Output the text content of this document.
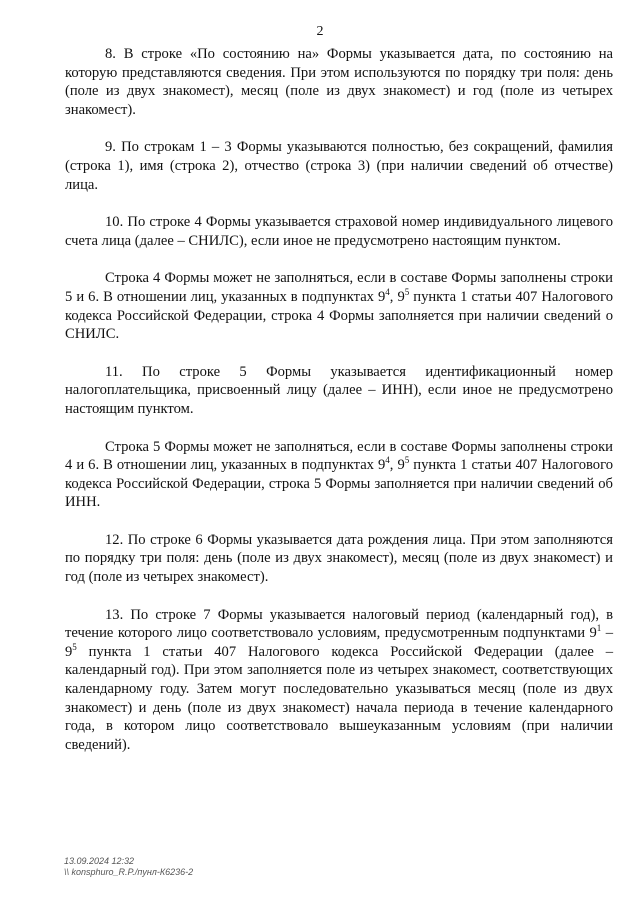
2

8. В строке «По состоянию на» Формы указывается дата, по состоянию на которую представляются сведения. При этом используются по порядку три поля: день (поле из двух знакомест), месяц (поле из двух знакомест) и год (поле из четырех знакомест).

9. По строкам 1 – 3 Формы указываются полностью, без сокращений, фамилия (строка 1), имя (строка 2), отчество (строка 3) (при наличии сведений об отчестве) лица.

10. По строке 4 Формы указывается страховой номер индивидуального лицевого счета лица (далее – СНИЛС), если иное не предусмотрено настоящим пунктом.

Строка 4 Формы может не заполняться, если в составе Формы заполнены строки 5 и 6. В отношении лиц, указанных в подпунктах $9^4$, $9^5$ пункта 1 статьи 407 Налогового кодекса Российской Федерации, строка 4 Формы заполняется при наличии сведений о СНИЛС.

11. По строке 5 Формы указывается идентификационный номер налогоплательщика, присвоенный лицу (далее – ИНН), если иное не предусмотрено настоящим пунктом.

Строка 5 Формы может не заполняться, если в составе Формы заполнены строки 4 и 6. В отношении лиц, указанных в подпунктах $9^4$, $9^5$ пункта 1 статьи 407 Налогового кодекса Российской Федерации, строка 5 Формы заполняется при наличии сведений об ИНН.

12. По строке 6 Формы указывается дата рождения лица. При этом заполняются по порядку три поля: день (поле из двух знакомест), месяц (поле из двух знакомест) и год (поле из четырех знакомест).

13. По строке 7 Формы указывается налоговый период (календарный год), в течение которого лицо соответствовало условиям, предусмотренным подпунктами $9^1 - 9^5$ пункта 1 статьи 407 Налогового кодекса Российской Федерации (далее – календарный год). При этом заполняется поле из четырех знакомест, соответствующих календарному году. Затем могут последовательно указываться месяц (поле из двух знакомест) и день (поле из двух знакомест) начала периода в течение календарного года, в котором лицо соответствовало вышеуказанным условиям (при наличии сведений).

13.09.2024 12:32
\\ konsphuro_R.P./пунл-К6236-2
